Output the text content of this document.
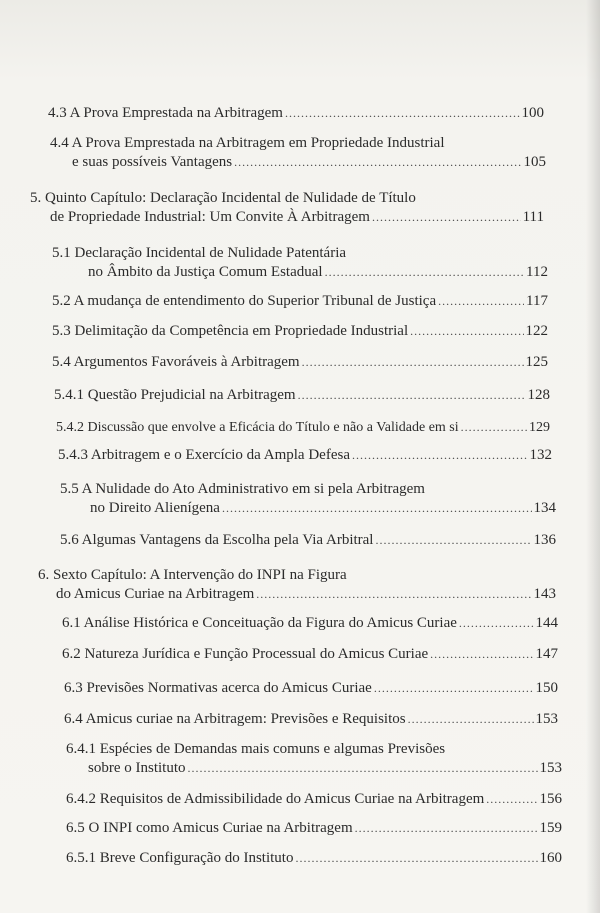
4.3 A Prova Emprestada na Arbitragem .....	100
4.4 A Prova Emprestada na Arbitragem em Propriedade Industrial
e suas possíveis Vantagens .....	105
5. Quinto Capítulo: Declaração Incidental de Nulidade de Título
de Propriedade Industrial: Um Convite À Arbitragem .....	111
5.1 Declaração Incidental de Nulidade Patentária
no Âmbito da Justiça Comum Estadual .....	112
5.2 A mudança de entendimento do Superior Tribunal de Justiça .....	117
5.3 Delimitação da Competência em Propriedade Industrial .....	122
5.4 Argumentos Favoráveis à Arbitragem .....	125
5.4.1 Questão Prejudicial na Arbitragem .....	128
5.4.2 Discussão que envolve a Eficácia do Título e não a Validade em si .....	129
5.4.3 Arbitragem e o Exercício da Ampla Defesa .....	132
5.5 A Nulidade do Ato Administrativo em si pela Arbitragem
no Direito Alienígena .....	134
5.6 Algumas Vantagens da Escolha pela Via Arbitral .....	136
6. Sexto Capítulo: A Intervenção do INPI na Figura
do Amicus Curiae na Arbitragem .....	143
6.1 Análise Histórica e Conceituação da Figura do Amicus Curiae .....	144
6.2 Natureza Jurídica e Função Processual do Amicus Curiae .....	147
6.3 Previsões Normativas acerca do Amicus Curiae .....	150
6.4 Amicus curiae na Arbitragem: Previsões e Requisitos .....	153
6.4.1 Espécies de Demandas mais comuns e algumas Previsões
sobre o Instituto .....	153
6.4.2 Requisitos de Admissibilidade do Amicus Curiae na Arbitragem .....	156
6.5 O INPI como Amicus Curiae na Arbitragem .....	159
6.5.1 Breve Configuração do Instituto .....	160
